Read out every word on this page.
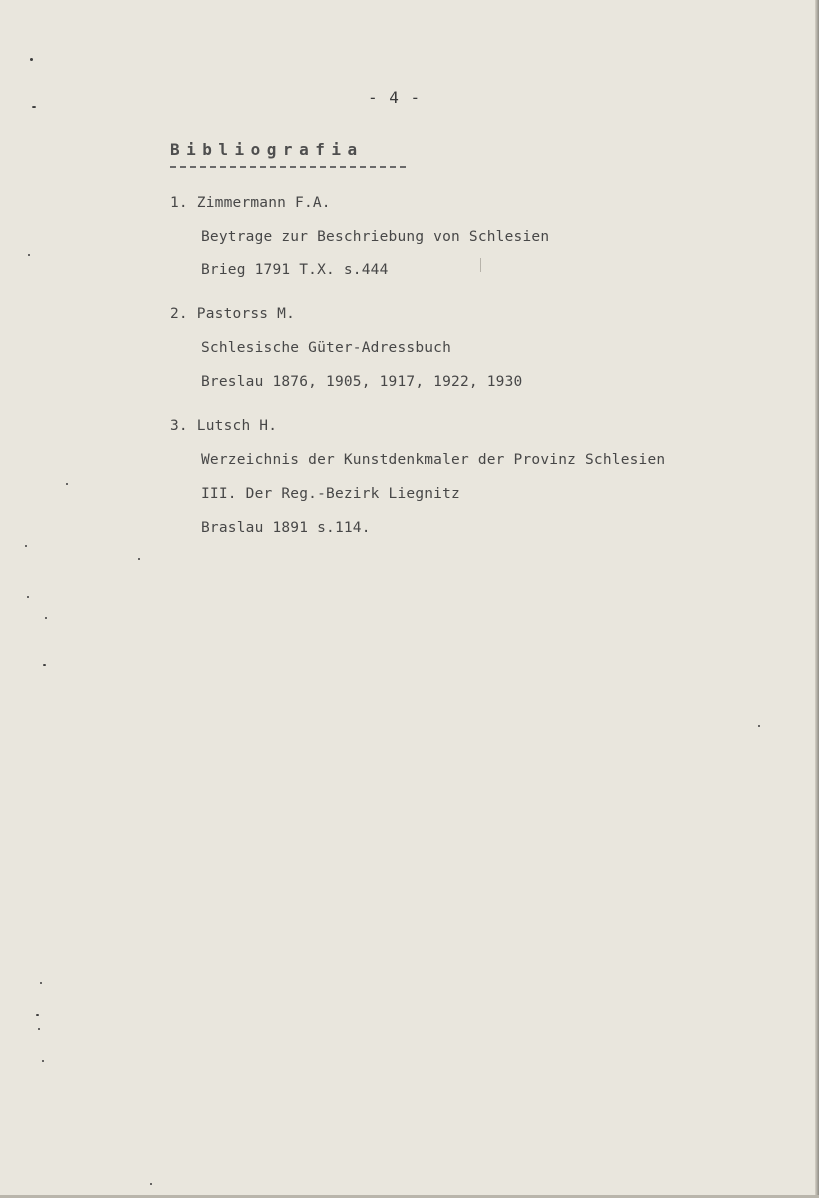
- 4 -
Bibliografia
1. Zimmermann F.A.
Beytrage zur Beschriebung von Schlesien
Brieg 1791 T.X. s.444
2. Pastorss M.
Schlesische Güter-Adressbuch
Breslau 1876, 1905, 1917, 1922, 1930
3. Lutsch H.
Werzeichnis der Kunstdenkmaler der Provinz Schlesien
III. Der Reg.-Bezirk Liegnitz
Braslau 1891 s.114.
